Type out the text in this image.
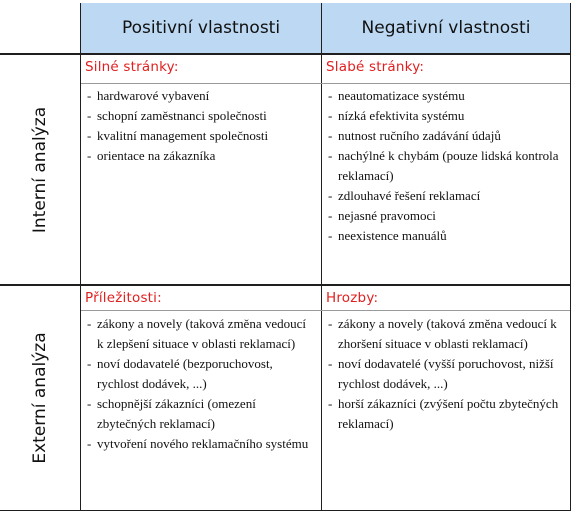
Positivní vlastnosti	Negativní vlastnosti
Interní analýza
Externí analýza
Silné stránky:
- hardwarové vybavení
- schopní zaměstnanci společnosti
- kvalitní management společnosti
- orientace na zákazníka
Slabé stránky:
- neautomatizace systému
- nízká efektivita systému
- nutnost ručního zadávání údajů
- nachýlné k chybám (pouze lidská kontrola reklamací)
- zdlouhavé řešení reklamací
- nejasné pravomoci
- neexistence manuálů
Příležitosti:
- zákony a novely (taková změna vedoucí k zlepšení situace v oblasti reklamací)
- noví dodavatelé (bezporuchovost, rychlost dodávek, ...)
- schopnější zákazníci (omezení zbytečných reklamací)
- vytvoření nového reklamačního systému
Hrozby:
- zákony a novely (taková změna vedoucí k zhoršení situace v oblasti reklamací)
- noví dodavatelé (vyšší poruchovost, nižší rychlost dodávek, ...)
- horší zákazníci (zvýšení počtu zbytečných reklamací)
